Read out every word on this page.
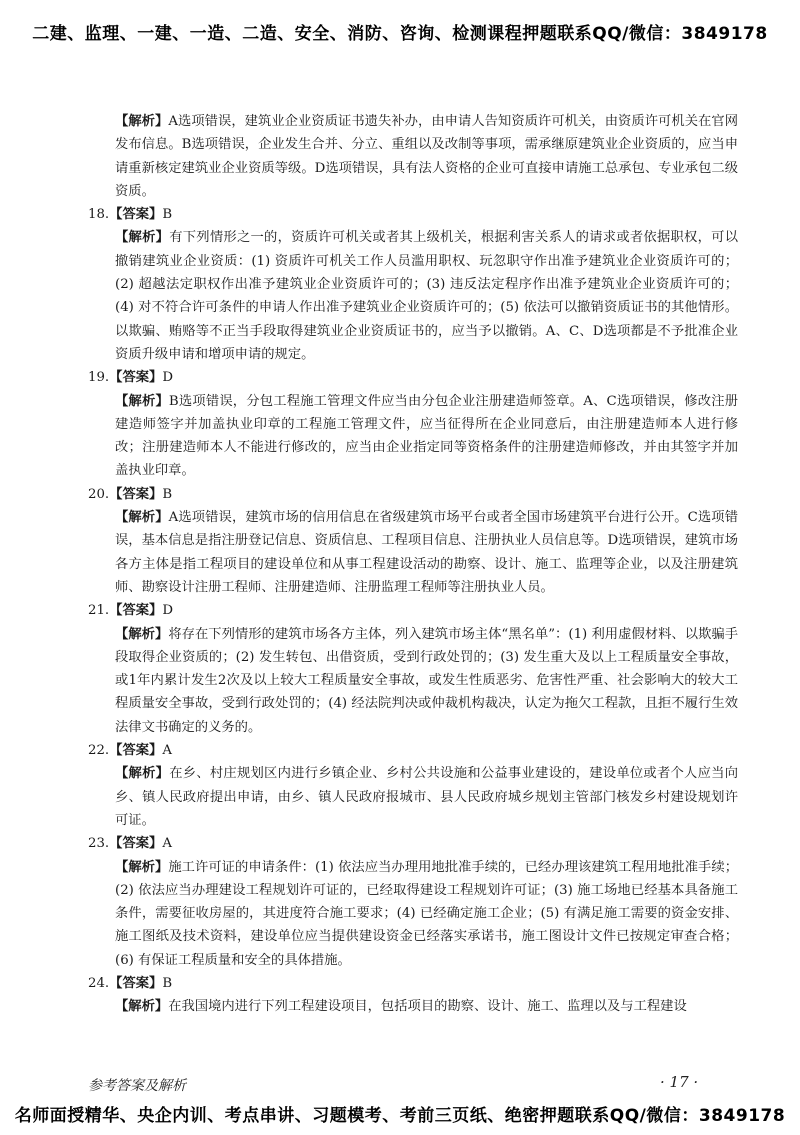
二建、监理、一建、一造、二造、安全、消防、咨询、检测课程押题联系QQ/微信：3849178

【解析】A选项错误，建筑业企业资质证书遗失补办，由申请人告知资质许可机关，由资质许可机关在官网发布信息。B选项错误，企业发生合并、分立、重组以及改制等事项，需承继原建筑业企业资质的，应当申请重新核定建筑业企业资质等级。D选项错误，具有法人资格的企业可直接申请施工总承包、专业承包二级资质。

18.【答案】B

【解析】有下列情形之一的，资质许可机关或者其上级机关，根据利害关系人的请求或者依据职权，可以撤销建筑业企业资质：(1) 资质许可机关工作人员滥用职权、玩忽职守作出准予建筑业企业资质许可的；(2) 超越法定职权作出准予建筑业企业资质许可的；(3) 违反法定程序作出准予建筑业企业资质许可的；(4) 对不符合许可条件的申请人作出准予建筑业企业资质许可的；(5) 依法可以撤销资质证书的其他情形。以欺骗、贿赂等不正当手段取得建筑业企业资质证书的，应当予以撤销。A、C、D选项都是不予批准企业资质升级申请和增项申请的规定。

19.【答案】D

【解析】B选项错误，分包工程施工管理文件应当由分包企业注册建造师签章。A、C选项错误，修改注册建造师签字并加盖执业印章的工程施工管理文件，应当征得所在企业同意后，由注册建造师本人进行修改；注册建造师本人不能进行修改的，应当由企业指定同等资格条件的注册建造师修改，并由其签字并加盖执业印章。

20.【答案】B

【解析】A选项错误，建筑市场的信用信息在省级建筑市场平台或者全国市场建筑平台进行公开。C选项错误，基本信息是指注册登记信息、资质信息、工程项目信息、注册执业人员信息等。D选项错误，建筑市场各方主体是指工程项目的建设单位和从事工程建设活动的勘察、设计、施工、监理等企业，以及注册建筑师、勘察设计注册工程师、注册建造师、注册监理工程师等注册执业人员。

21.【答案】D

【解析】将存在下列情形的建筑市场各方主体，列入建筑市场主体“黑名单”：(1) 利用虚假材料、以欺骗手段取得企业资质的；(2) 发生转包、出借资质，受到行政处罚的；(3) 发生重大及以上工程质量安全事故，或1年内累计发生2次及以上较大工程质量安全事故，或发生性质恶劣、危害性严重、社会影响大的较大工程质量安全事故，受到行政处罚的；(4) 经法院判决或仲裁机构裁决，认定为拖欠工程款，且拒不履行生效法律文书确定的义务的。

22.【答案】A

【解析】在乡、村庄规划区内进行乡镇企业、乡村公共设施和公益事业建设的，建设单位或者个人应当向乡、镇人民政府提出申请，由乡、镇人民政府报城市、县人民政府城乡规划主管部门核发乡村建设规划许可证。

23.【答案】A

【解析】施工许可证的申请条件：(1) 依法应当办理用地批准手续的，已经办理该建筑工程用地批准手续；(2) 依法应当办理建设工程规划许可证的，已经取得建设工程规划许可证；(3) 施工场地已经基本具备施工条件，需要征收房屋的，其进度符合施工要求；(4) 已经确定施工企业；(5) 有满足施工需要的资金安排、施工图纸及技术资料，建设单位应当提供建设资金已经落实承诺书，施工图设计文件已按规定审查合格；(6) 有保证工程质量和安全的具体措施。

24.【答案】B

【解析】在我国境内进行下列工程建设项目，包括项目的勘察、设计、施工、监理以及与工程建设

参考答案及解析	· 17 ·
名师面授精华、央企内训、考点串讲、习题模考、考前三页纸、绝密押题联系QQ/微信：3849178
